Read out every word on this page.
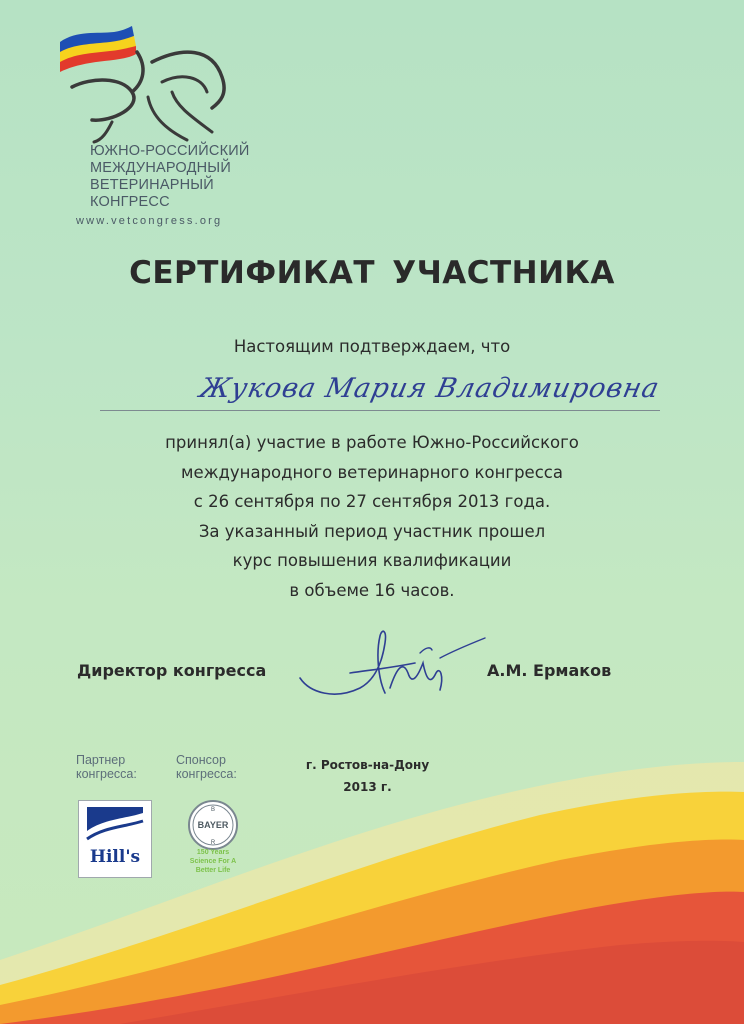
ЮЖНО-РОССИЙСКИЙ
МЕЖДУНАРОДНЫЙ
ВЕТЕРИНАРНЫЙ
КОНГРЕСС
www.vetcongress.org
СЕРТИФИКАТ УЧАСТНИКА
Настоящим подтверждаем, что
Жукова Мария Владимировна
принял(а) участие в работе Южно-Российского
международного ветеринарного конгресса
с 26 сентября по 27 сентября 2013 года.
За указанный период участник прошел
курс повышения квалификации
в объеме 16 часов.
Директор конгресса	А.М. Ермаков
Партнер
конгресса:
Спонсор
конгресса:
г. Ростов-на-Дону
2013 г.
Hill's
BAYER
B
R
150 Years
Science For A
Better Life
